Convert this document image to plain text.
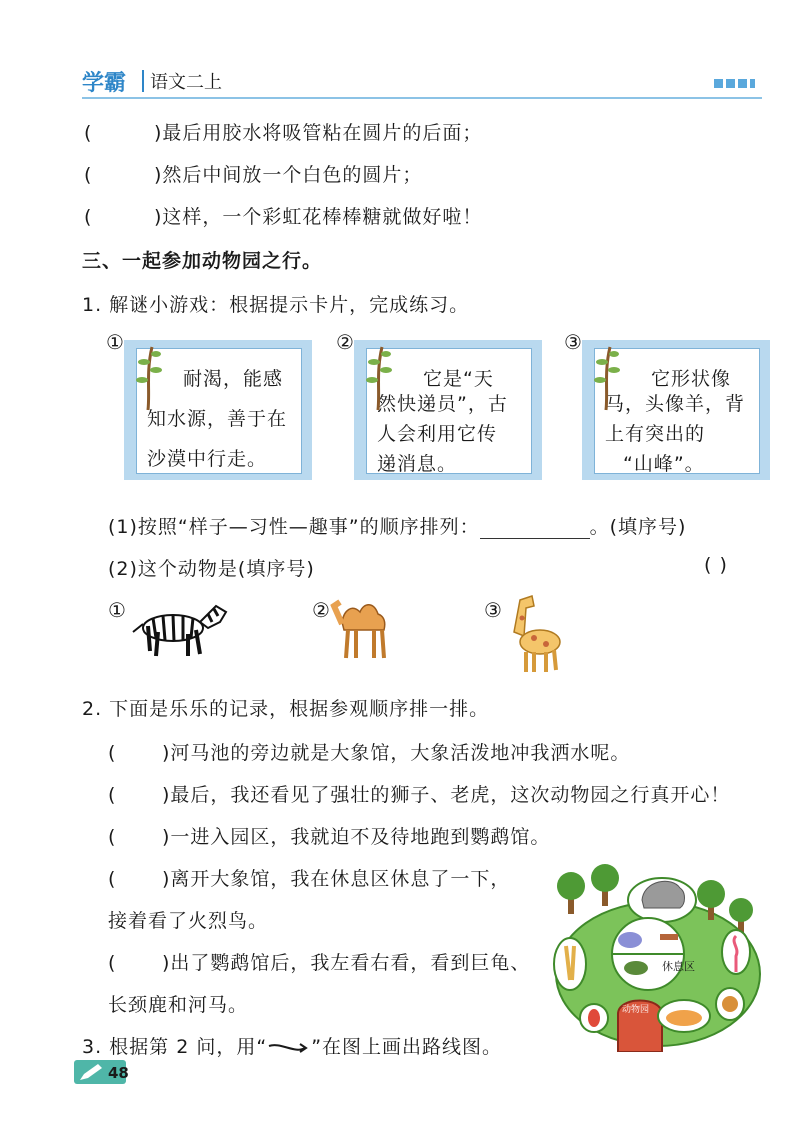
学霸 语文二上
(	)最后用胶水将吸管粘在圆片的后面；
(	)然后中间放一个白色的圆片；
(	)这样，一个彩虹花棒棒糖就做好啦！
三、一起参加动物园之行。
1. 解谜小游戏：根据提示卡片，完成练习。
①
耐渴，能感
知水源，善于在
沙漠中行走。
②
它是“天
然快递员”，古
人会利用它传
递消息。
③
它形状像
马，头像羊，背
上有突出的
“山峰”。
(1)按照“样子—习性—趣事”的顺序排列：	。(填序号)
(2)这个动物是(填序号)	( )
①	②	③
2. 下面是乐乐的记录，根据参观顺序排一排。
( )河马池的旁边就是大象馆，大象活泼地冲我洒水呢。
( )最后，我还看见了强壮的狮子、老虎，这次动物园之行真开心！
( )一进入园区，我就迫不及待地跑到鹦鹉馆。
( )离开大象馆，我在休息区休息了一下，
接着看了火烈鸟。
( )出了鹦鹉馆后，我左看右看，看到巨龟、
长颈鹿和河马。
休息区
动物园
3. 根据第 2 问，用“ ”在图上画出路线图。
48
